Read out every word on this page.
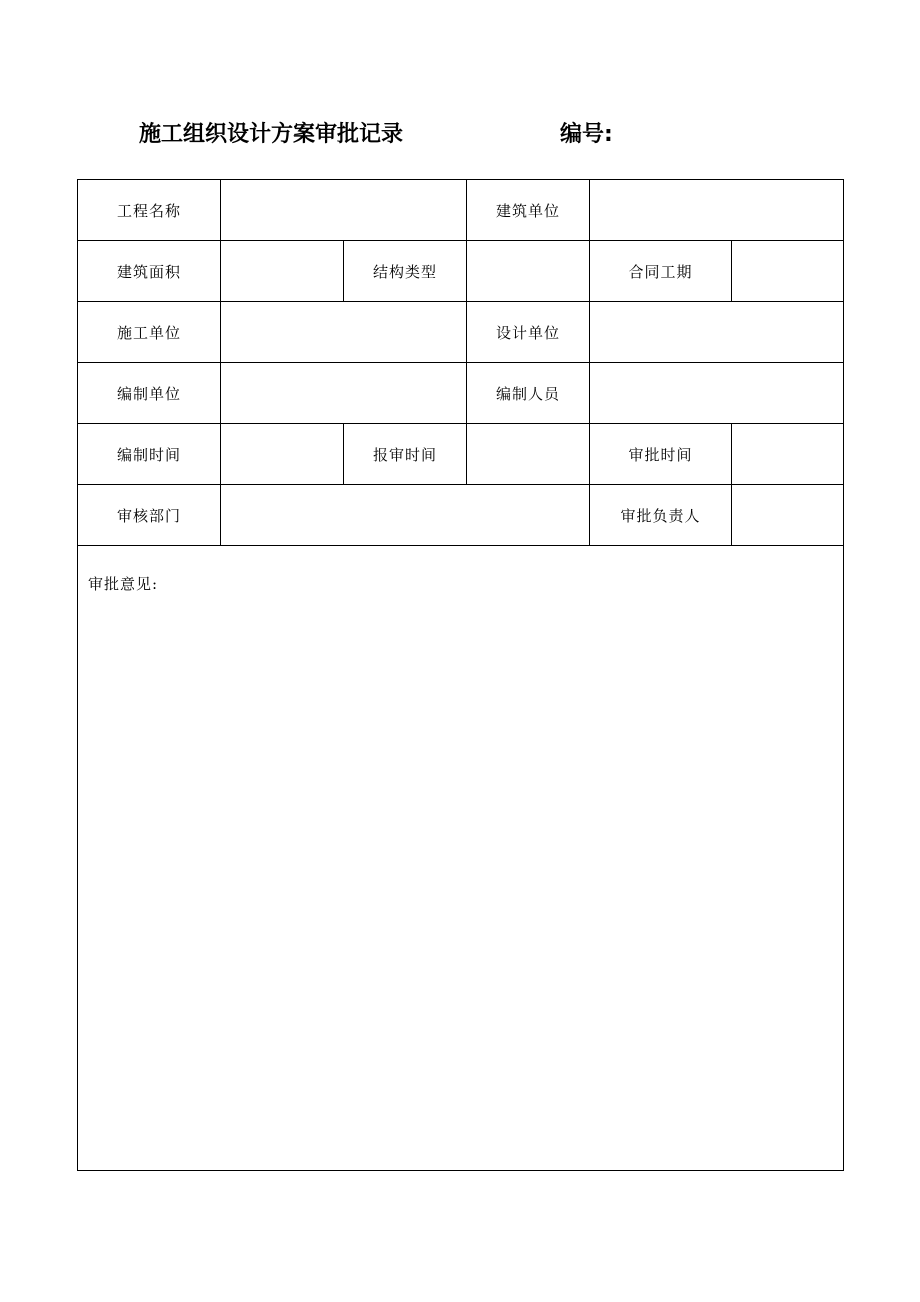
施工组织设计方案审批记录	编号:
工程名称			建筑单位		
建筑面积		结构类型		合同工期	
施工单位			设计单位		
编制单位			编制人员		
编制时间		报审时间		审批时间	
审核部门				审批负责人	
审批意见:					
